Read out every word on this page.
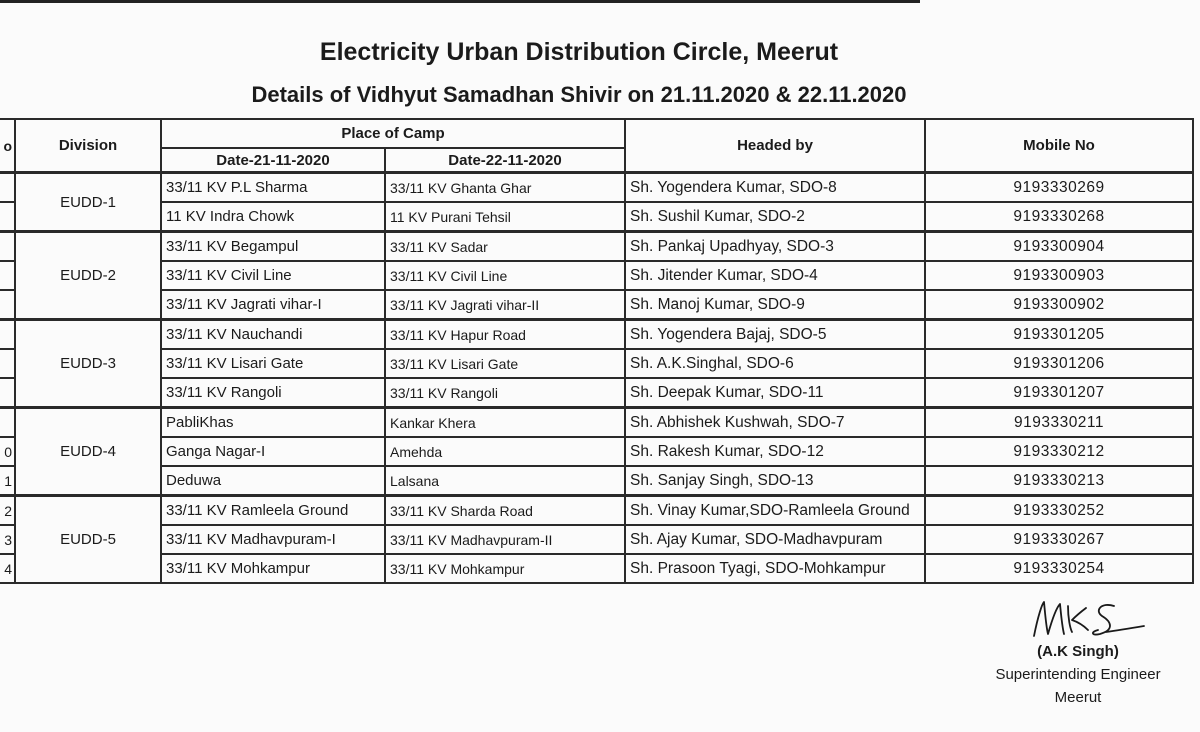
Electricity Urban Distribution Circle, Meerut
Details of Vidhyut Samadhan Shivir on 21.11.2020 & 22.11.2020
o	Division	Place of Camp		Headed by	Mobile No
		Date-21-11-2020	Date-22-11-2020		
	EUDD-1	33/11 KV P.L Sharma	33/11 KV Ghanta Ghar	Sh. Yogendera Kumar, SDO-8	9193330269
		11 KV Indra Chowk	11 KV Purani Tehsil	Sh. Sushil Kumar, SDO-2	9193330268
	EUDD-2	33/11 KV Begampul	33/11 KV Sadar	Sh. Pankaj Upadhyay, SDO-3	9193300904
		33/11 KV Civil Line	33/11 KV Civil Line	Sh. Jitender Kumar, SDO-4	9193300903
		33/11 KV Jagrati vihar-I	33/11 KV Jagrati vihar-II	Sh. Manoj Kumar, SDO-9	9193300902
	EUDD-3	33/11 KV Nauchandi	33/11 KV Hapur Road	Sh. Yogendera Bajaj, SDO-5	9193301205
		33/11 KV Lisari Gate	33/11 KV Lisari Gate	Sh. A.K.Singhal, SDO-6	9193301206
		33/11 KV Rangoli	33/11 KV Rangoli	Sh. Deepak Kumar, SDO-11	9193301207
	EUDD-4	PabliKhas	Kankar Khera	Sh. Abhishek Kushwah, SDO-7	9193330211
0		Ganga Nagar-I	Amehda	Sh. Rakesh Kumar, SDO-12	9193330212
1		Deduwa	Lalsana	Sh. Sanjay Singh, SDO-13	9193330213
2	EUDD-5	33/11 KV Ramleela Ground	33/11 KV Sharda Road	Sh. Vinay Kumar,SDO-Ramleela Ground	9193330252
3		33/11 KV Madhavpuram-I	33/11 KV Madhavpuram-II	Sh. Ajay Kumar, SDO-Madhavpuram	9193330267
4		33/11 KV Mohkampur	33/11 KV Mohkampur	Sh. Prasoon Tyagi, SDO-Mohkampur	9193330254
(A.K Singh)
Superintending Engineer
Meerut
